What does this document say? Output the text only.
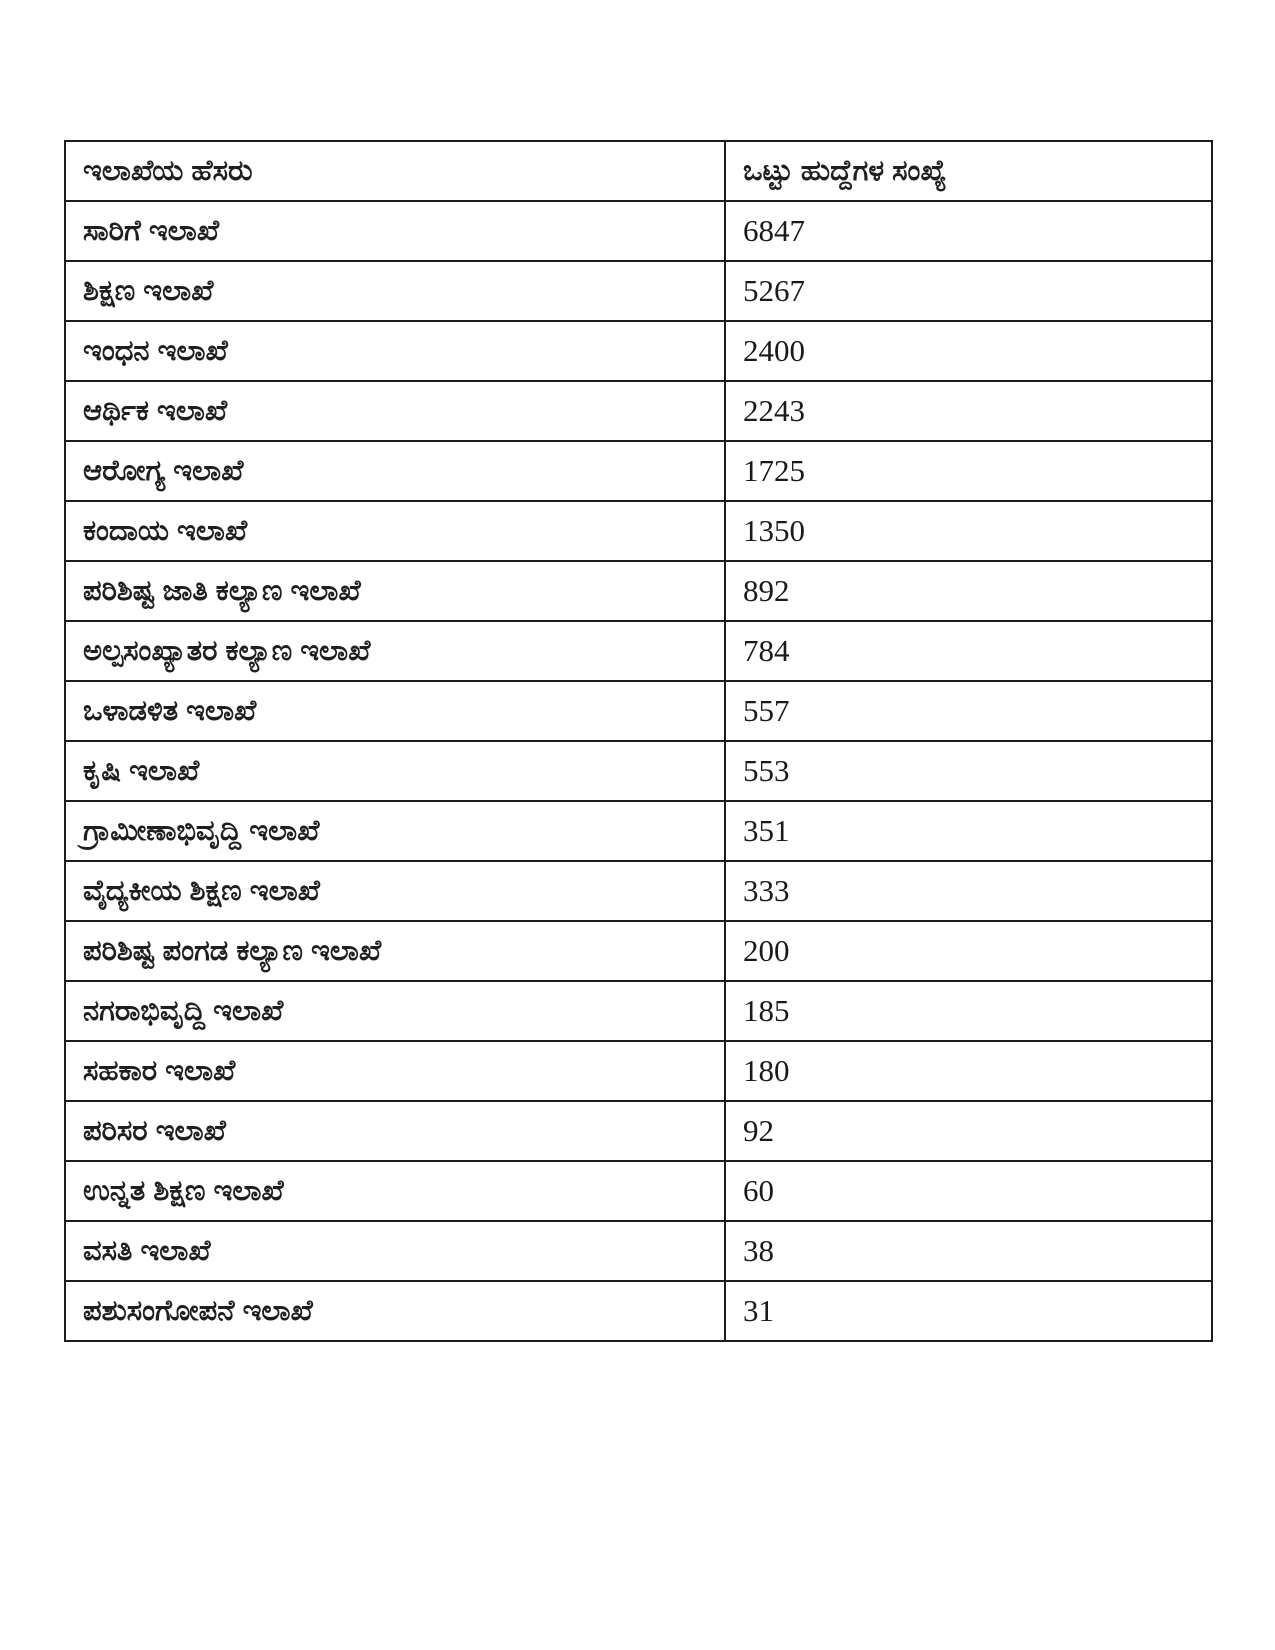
ಇಲಾಖೆಯ ಹೆಸರು	ಒಟ್ಟು ಹುದ್ದೆಗಳ ಸಂಖ್ಯೆ
ಸಾರಿಗೆ ಇಲಾಖೆ	6847
ಶಿಕ್ಷಣ ಇಲಾಖೆ	5267
ಇಂಧನ ಇಲಾಖೆ	2400
ಆರ್ಥಿಕ ಇಲಾಖೆ	2243
ಆರೋಗ್ಯ ಇಲಾಖೆ	1725
ಕಂದಾಯ ಇಲಾಖೆ	1350
ಪರಿಶಿಷ್ಟ ಜಾತಿ ಕಲ್ಯಾಣ ಇಲಾಖೆ	892
ಅಲ್ಪಸಂಖ್ಯಾತರ ಕಲ್ಯಾಣ ಇಲಾಖೆ	784
ಒಳಾಡಳಿತ ಇಲಾಖೆ	557
ಕೃಷಿ ಇಲಾಖೆ	553
ಗ್ರಾಮೀಣಾಭಿವೃದ್ದಿ ಇಲಾಖೆ	351
ವೈದ್ಯಕೀಯ ಶಿಕ್ಷಣ ಇಲಾಖೆ	333
ಪರಿಶಿಷ್ಟ ಪಂಗಡ ಕಲ್ಯಾಣ ಇಲಾಖೆ	200
ನಗರಾಭಿವೃದ್ದಿ ಇಲಾಖೆ	185
ಸಹಕಾರ ಇಲಾಖೆ	180
ಪರಿಸರ ಇಲಾಖೆ	92
ಉನ್ನತ ಶಿಕ್ಷಣ ಇಲಾಖೆ	60
ವಸತಿ ಇಲಾಖೆ	38
ಪಶುಸಂಗೋಪನೆ ಇಲಾಖೆ	31
